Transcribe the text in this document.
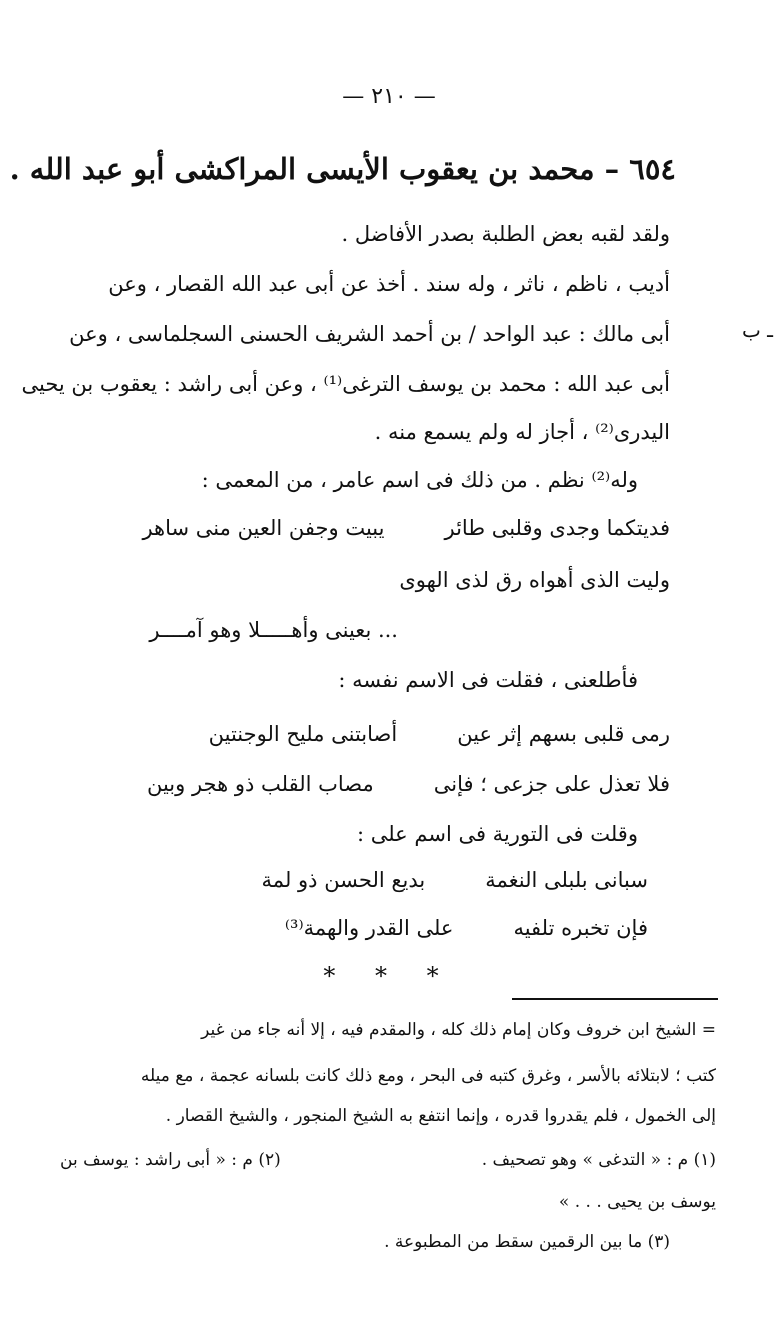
— ٢١٠ —
ـ ب
٦٥٤ – محمد بن يعقوب الأيسى المراكشى أبو عبد الله .
ولقد لقبه بعض الطلبة بصدر الأفاضل .
أديب ، ناظم ، ناثر ، وله سند . أخذ عن أبى عبد الله القصار ، وعن
أبى مالك : عبد الواحد / بن أحمد الشريف الحسنى السجلماسى ، وعن
أبى عبد الله : محمد بن يوسف الترغى⁽¹⁾ ، وعن أبى راشد : يعقوب بن يحيى
اليدرى⁽²⁾ ، أجاز له ولم يسمع منه .
وله⁽²⁾ نظم . من ذلك فى اسم عامر ، من المعمى :
فديتكما وجدى وقلبى طائر
يبيت وجفن العين منى ساهر
وليت الذى أهواه رق لذى الهوى
... بعينى وأهـــــلا وهو آمــــر
فأطلعنى ، فقلت فى الاسم نفسه :
رمى قلبى بسهم إثر عين
أصابتنى مليح الوجنتين
فلا تعذل على جزعى ؛ فإنى
مصاب القلب ذو هجر وبين
وقلت فى التورية فى اسم على :
سبانى بلبلى النغمة
بديع الحسن ذو لمة
فإن تخبره تلفيه
على القدر والهمة⁽³⁾
* * *
= الشيخ ابن خروف وكان إمام ذلك كله ، والمقدم فيه ، إلا أنه جاء من غير
كتب ؛ لابتلائه بالأسر ، وغرق كتبه فى البحر ، ومع ذلك كانت بلسانه عجمة ، مع ميله
إلى الخمول ، فلم يقدروا قدره ، وإنما انتفع به الشيخ المنجور ، والشيخ القصار .
(١) م : « التدغى » وهو تصحيف .
(٢) م : « أبى راشد : يوسف بن
يوسف بن يحيى . . . »
(٣) ما بين الرقمين سقط من المطبوعة .
